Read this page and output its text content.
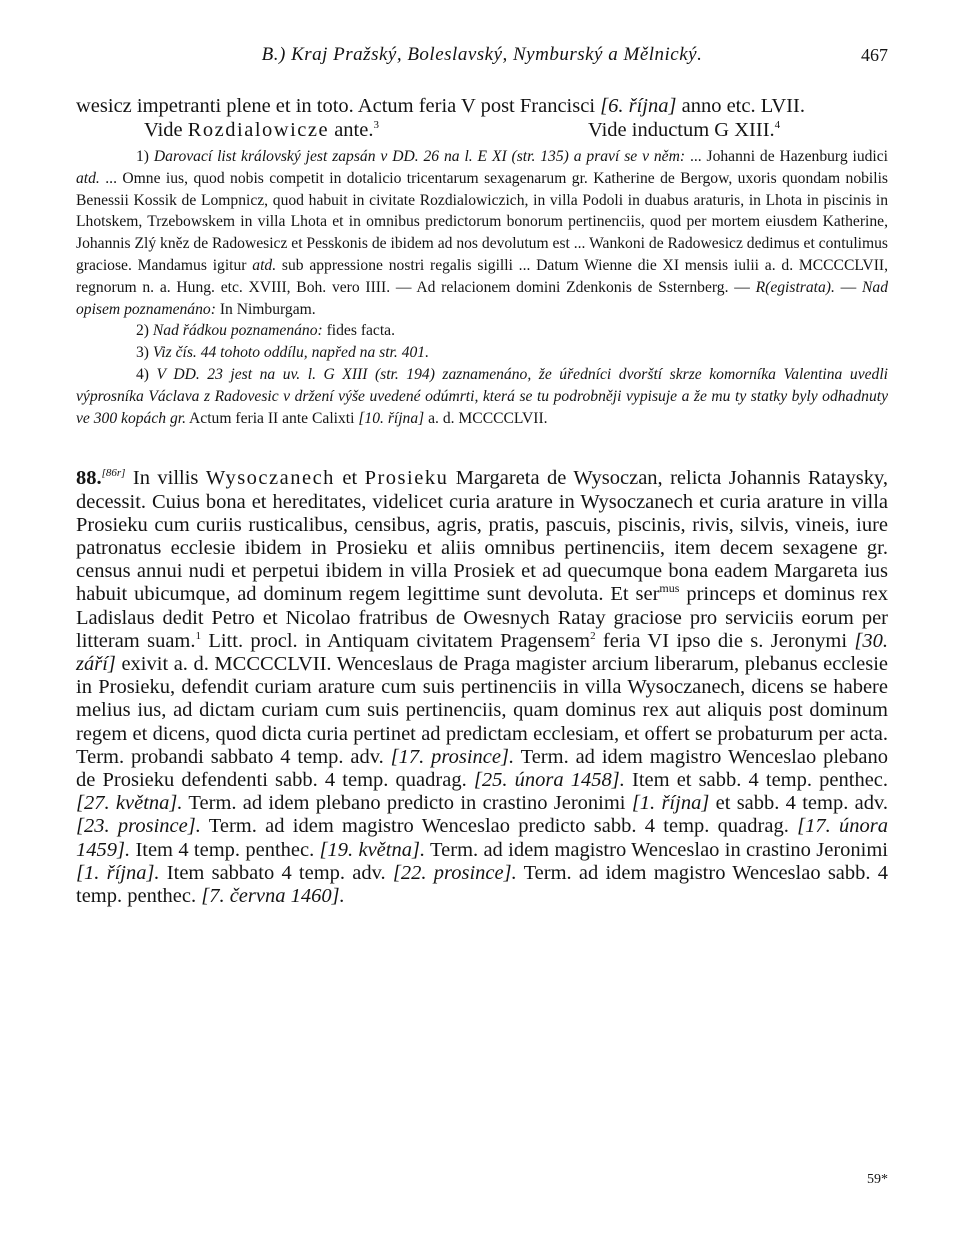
B.) Kraj Pražský, Boleslavský, Nymburský a Mělnický.	467
wesicz impetranti plene et in toto. Actum feria V post Francisci [6. října] anno etc. LVII.
Vide Rozdialowicze ante.$^3$	Vide inductum G XIII.$^4$

1) Darovací list královský jest zapsán v DD. 26 na l. E XI (str. 135) a praví se v něm: ... Johanni de Hazenburg iudici atd. ... Omne ius, quod nobis competit in dotalicio tricentarum sexagenarum gr. Katherine de Bergow, uxoris quondam nobilis Benessii Kossik de Lompnicz, quod habuit in civitate Rozdialowiczich, in villa Podoli in duabus araturis, in Lhota in piscinis in Lhotskem, Trzebowskem in villa Lhota et in omnibus predictorum bonorum pertinenciis, quod per mortem eiusdem Katherine, Johannis Zlý kněz de Radowesicz et Pesskonis de ibidem ad nos devolutum est ... Wankoni de Radowesicz dedimus et contulimus graciose. Mandamus igitur atd. sub appressione nostri regalis sigilli ... Datum Wienne die XI mensis iulii a. d. MCCCCLVII, regnorum n. a. Hung. etc. XVIII, Boh. vero IIII. — Ad relacionem domini Zdenkonis de Ssternberg. — R(egistrata). — Nad opisem poznamenáno: In Nimburgam.

2) Nad řádkou poznamenáno: fides facta.

3) Viz čís. 44 tohoto oddílu, napřed na str. 401.

4) V DD. 23 jest na uv. l. G XIII (str. 194) zaznamenáno, že úředníci dvorští skrze komorníka Valentina uvedli výprosníka Václava z Radovesic v držení výše uvedené odúmrti, která se tu podrobněji vypisuje a že mu ty statky byly odhadnuty ve 300 kopách gr. Actum feria II ante Calixti [10. října] a. d. MCCCCLVII.

88.[86r] In villis Wysoczanech et Prosieku Margareta de Wysoczan, relicta Johannis Rataysky, decessit. Cuius bona et hereditates, videlicet curia arature in Wysoczanech et curia arature in villa Prosieku cum curiis rusticalibus, censibus, agris, pratis, pascuis, piscinis, rivis, silvis, vineis, iure patronatus ecclesie ibidem in Prosieku et aliis omnibus pertinenciis, item decem sexagene gr. census annui nudi et perpetui ibidem in villa Prosiek et ad quecumque bona eadem Margareta ius habuit ubicumque, ad dominum regem legittime sunt devoluta. Et ser$^{mus}$ princeps et dominus rex Ladislaus dedit Petro et Nicolao fratribus de Owesnych Ratay graciose pro serviciis eorum per litteram suam.$^1$ Litt. procl. in Antiquam civitatem Pragensem$^2$ feria VI ipso die s. Jeronymi [30. září] exivit a. d. MCCCCLVII. Wenceslaus de Praga magister arcium liberarum, plebanus ecclesie in Prosieku, defendit curiam arature cum suis pertinenciis in villa Wysoczanech, dicens se habere melius ius, ad dictam curiam cum suis pertinenciis, quam dominus rex aut aliquis post dominum regem et dicens, quod dicta curia pertinet ad predictam ecclesiam, et offert se probaturum per acta. Term. probandi sabbato 4 temp. adv. [17. prosince]. Term. ad idem magistro Wenceslao plebano de Prosieku defendenti sabb. 4 temp. quadrag. [25. února 1458]. Item et sabb. 4 temp. penthec. [27. května]. Term. ad idem plebano predicto in crastino Jeronimi [1. října] et sabb. 4 temp. adv. [23. prosince]. Term. ad idem magistro Wenceslao predicto sabb. 4 temp. quadrag. [17. února 1459]. Item 4 temp. penthec. [19. května]. Term. ad idem magistro Wenceslao in crastino Jeronimi [1. října]. Item sabbato 4 temp. adv. [22. prosince]. Term. ad idem magistro Wenceslao sabb. 4 temp. penthec. [7. června 1460].
59*
